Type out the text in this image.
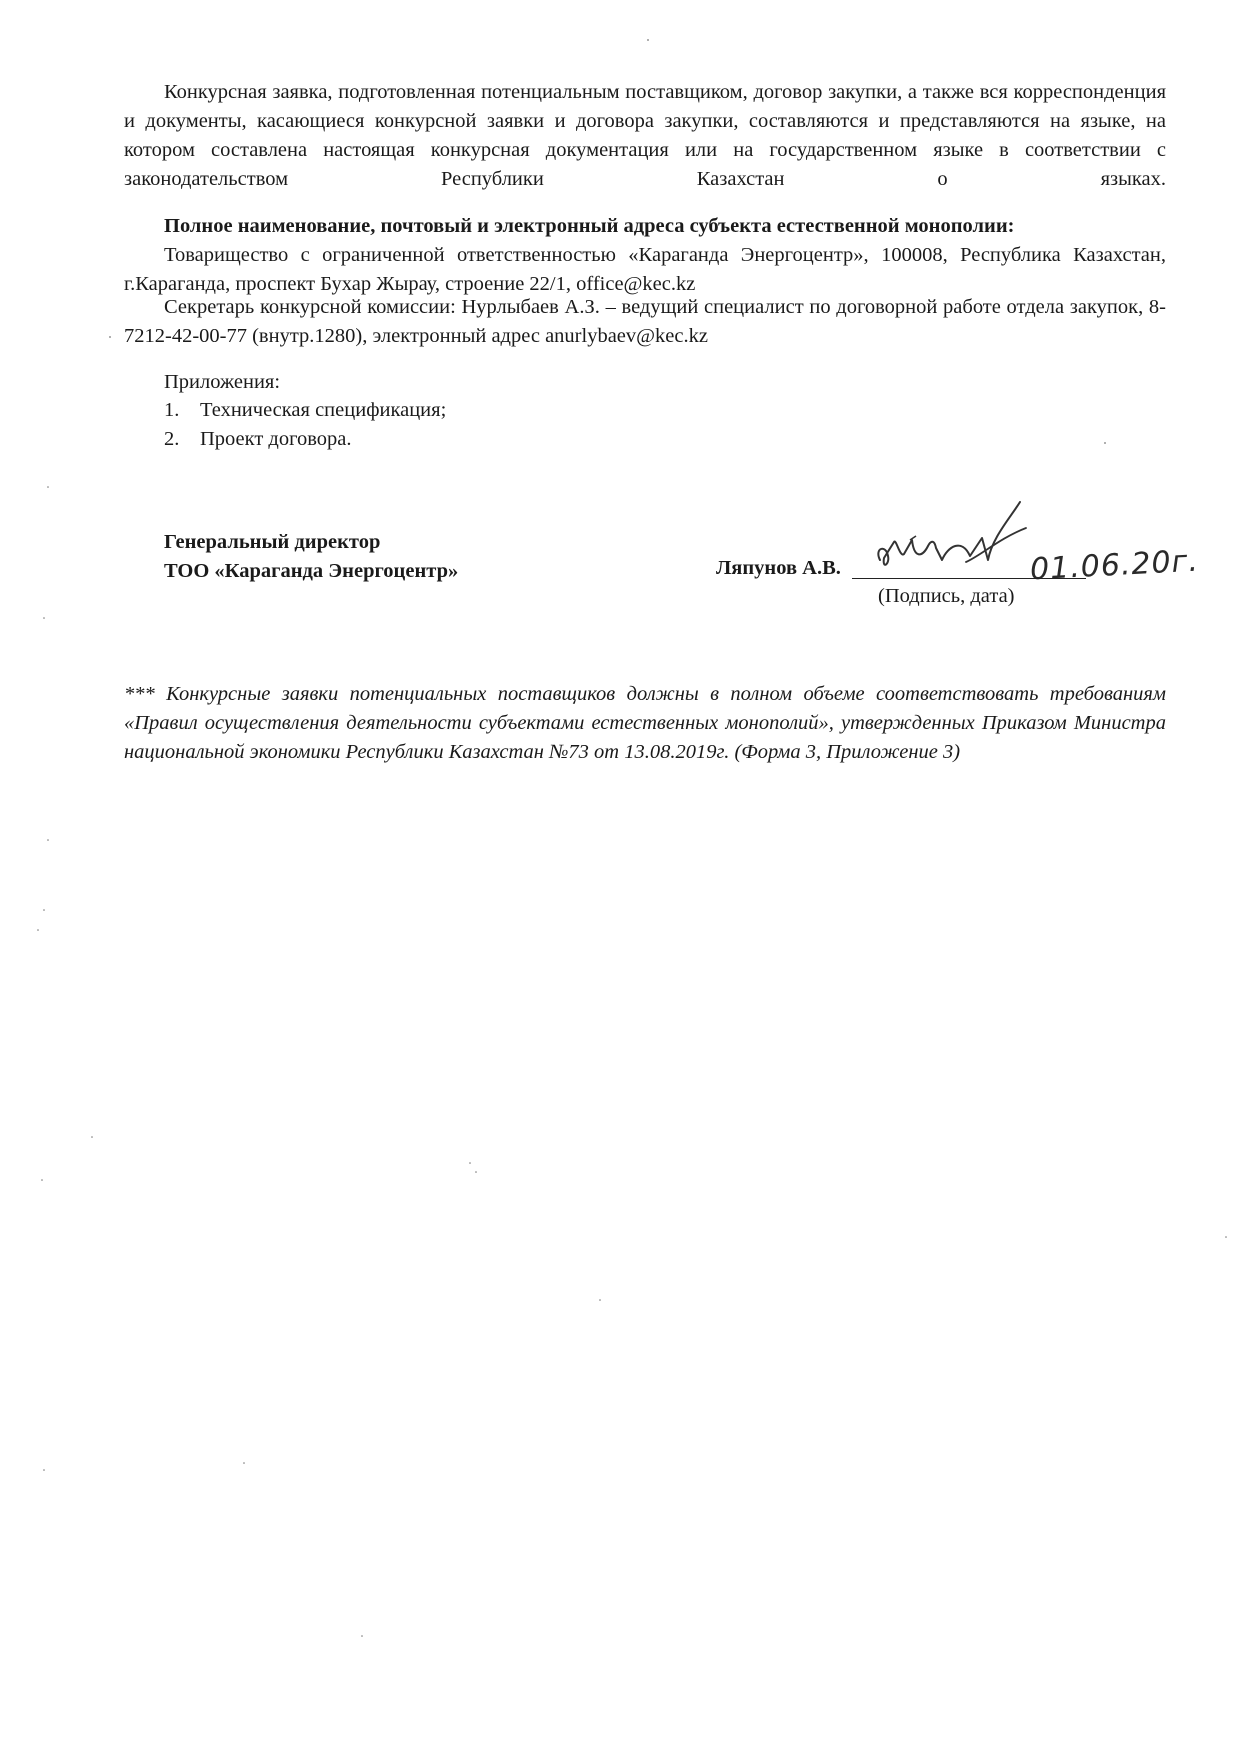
Конкурсная заявка, подготовленная потенциальным поставщиком, договор закупки, а также вся корреспонденция и документы, касающиеся конкурсной заявки и договора закупки, составляются и представляются на языке, на котором составлена настоящая конкурсная документация или на государственном языке в соответствии с законодательством Республики Казахстан о языках.
Полное наименование, почтовый и электронный адреса субъекта естественной монополии:
Товарищество с ограниченной ответственностью «Караганда Энергоцентр», 100008, Республика Казахстан, г.Караганда, проспект Бухар Жырау, строение 22/1, office@kec.kz
Секретарь конкурсной комиссии: Нурлыбаев А.З. – ведущий специалист по договорной работе отдела закупок, 8-7212-42-00-77 (внутр.1280), электронный адрес anurlybaev@kec.kz
Приложения:
1. Техническая спецификация;
2. Проект договора.
Генеральный директор
ТОО «Караганда Энергоцентр»	Ляпунов А.В.	01.06.20г.
(Подпись, дата)
*** Конкурсные заявки потенциальных поставщиков должны в полном объеме соответствовать требованиям «Правил осуществления деятельности субъектами естественных монополий», утвержденных Приказом Министра национальной экономики Республики Казахстан №73 от 13.08.2019г. (Форма 3, Приложение 3)
